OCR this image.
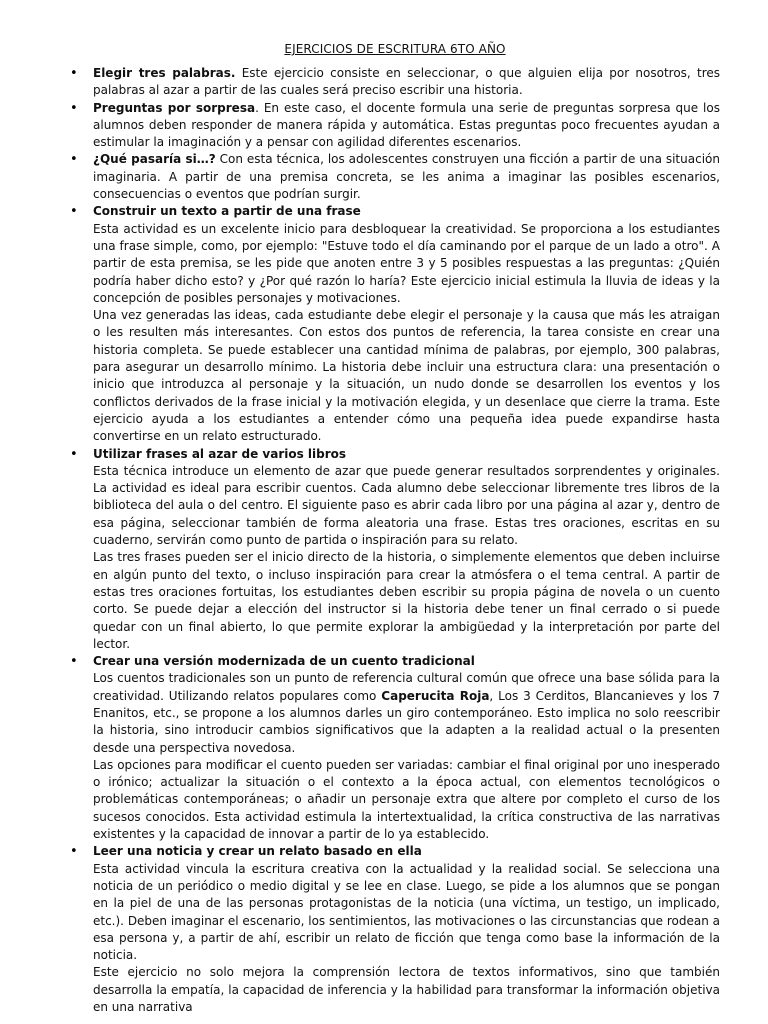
EJERCICIOS DE ESCRITURA 6TO AÑO

• Elegir tres palabras. Este ejercicio consiste en seleccionar, o que alguien elija por nosotros, tres palabras al azar a partir de las cuales será preciso escribir una historia.

• Preguntas por sorpresa. En este caso, el docente formula una serie de preguntas sorpresa que los alumnos deben responder de manera rápida y automática. Estas preguntas poco frecuentes ayudan a estimular la imaginación y a pensar con agilidad diferentes escenarios.

• ¿Qué pasaría si…? Con esta técnica, los adolescentes construyen una ficción a partir de una situación imaginaria. A partir de una premisa concreta, se les anima a imaginar las posibles escenarios, consecuencias o eventos que podrían surgir.

• Construir un texto a partir de una frase

Esta actividad es un excelente inicio para desbloquear la creatividad. Se proporciona a los estudiantes una frase simple, como, por ejemplo: "Estuve todo el día caminando por el parque de un lado a otro". A partir de esta premisa, se les pide que anoten entre 3 y 5 posibles respuestas a las preguntas: ¿Quién podría haber dicho esto? y ¿Por qué razón lo haría? Este ejercicio inicial estimula la lluvia de ideas y la concepción de posibles personajes y motivaciones.

Una vez generadas las ideas, cada estudiante debe elegir el personaje y la causa que más les atraigan o les resulten más interesantes. Con estos dos puntos de referencia, la tarea consiste en crear una historia completa. Se puede establecer una cantidad mínima de palabras, por ejemplo, 300 palabras, para asegurar un desarrollo mínimo. La historia debe incluir una estructura clara: una presentación o inicio que introduzca al personaje y la situación, un nudo donde se desarrollen los eventos y los conflictos derivados de la frase inicial y la motivación elegida, y un desenlace que cierre la trama. Este ejercicio ayuda a los estudiantes a entender cómo una pequeña idea puede expandirse hasta convertirse en un relato estructurado.

• Utilizar frases al azar de varios libros

Esta técnica introduce un elemento de azar que puede generar resultados sorprendentes y originales. La actividad es ideal para escribir cuentos. Cada alumno debe seleccionar libremente tres libros de la biblioteca del aula o del centro. El siguiente paso es abrir cada libro por una página al azar y, dentro de esa página, seleccionar también de forma aleatoria una frase. Estas tres oraciones, escritas en su cuaderno, servirán como punto de partida o inspiración para su relato.

Las tres frases pueden ser el inicio directo de la historia, o simplemente elementos que deben incluirse en algún punto del texto, o incluso inspiración para crear la atmósfera o el tema central. A partir de estas tres oraciones fortuitas, los estudiantes deben escribir su propia página de novela o un cuento corto. Se puede dejar a elección del instructor si la historia debe tener un final cerrado o si puede quedar con un final abierto, lo que permite explorar la ambigüedad y la interpretación por parte del lector.

• Crear una versión modernizada de un cuento tradicional

Los cuentos tradicionales son un punto de referencia cultural común que ofrece una base sólida para la creatividad. Utilizando relatos populares como Caperucita Roja, Los 3 Cerditos, Blancanieves y los 7 Enanitos, etc., se propone a los alumnos darles un giro contemporáneo. Esto implica no solo reescribir la historia, sino introducir cambios significativos que la adapten a la realidad actual o la presenten desde una perspectiva novedosa.

Las opciones para modificar el cuento pueden ser variadas: cambiar el final original por uno inesperado o irónico; actualizar la situación o el contexto a la época actual, con elementos tecnológicos o problemáticas contemporáneas; o añadir un personaje extra que altere por completo el curso de los sucesos conocidos. Esta actividad estimula la intertextualidad, la crítica constructiva de las narrativas existentes y la capacidad de innovar a partir de lo ya establecido.

• Leer una noticia y crear un relato basado en ella

Esta actividad vincula la escritura creativa con la actualidad y la realidad social. Se selecciona una noticia de un periódico o medio digital y se lee en clase. Luego, se pide a los alumnos que se pongan en la piel de una de las personas protagonistas de la noticia (una víctima, un testigo, un implicado, etc.). Deben imaginar el escenario, los sentimientos, las motivaciones o las circunstancias que rodean a esa persona y, a partir de ahí, escribir un relato de ficción que tenga como base la información de la noticia.

Este ejercicio no solo mejora la comprensión lectora de textos informativos, sino que también desarrolla la empatía, la capacidad de inferencia y la habilidad para transformar la información objetiva en una narrativa
